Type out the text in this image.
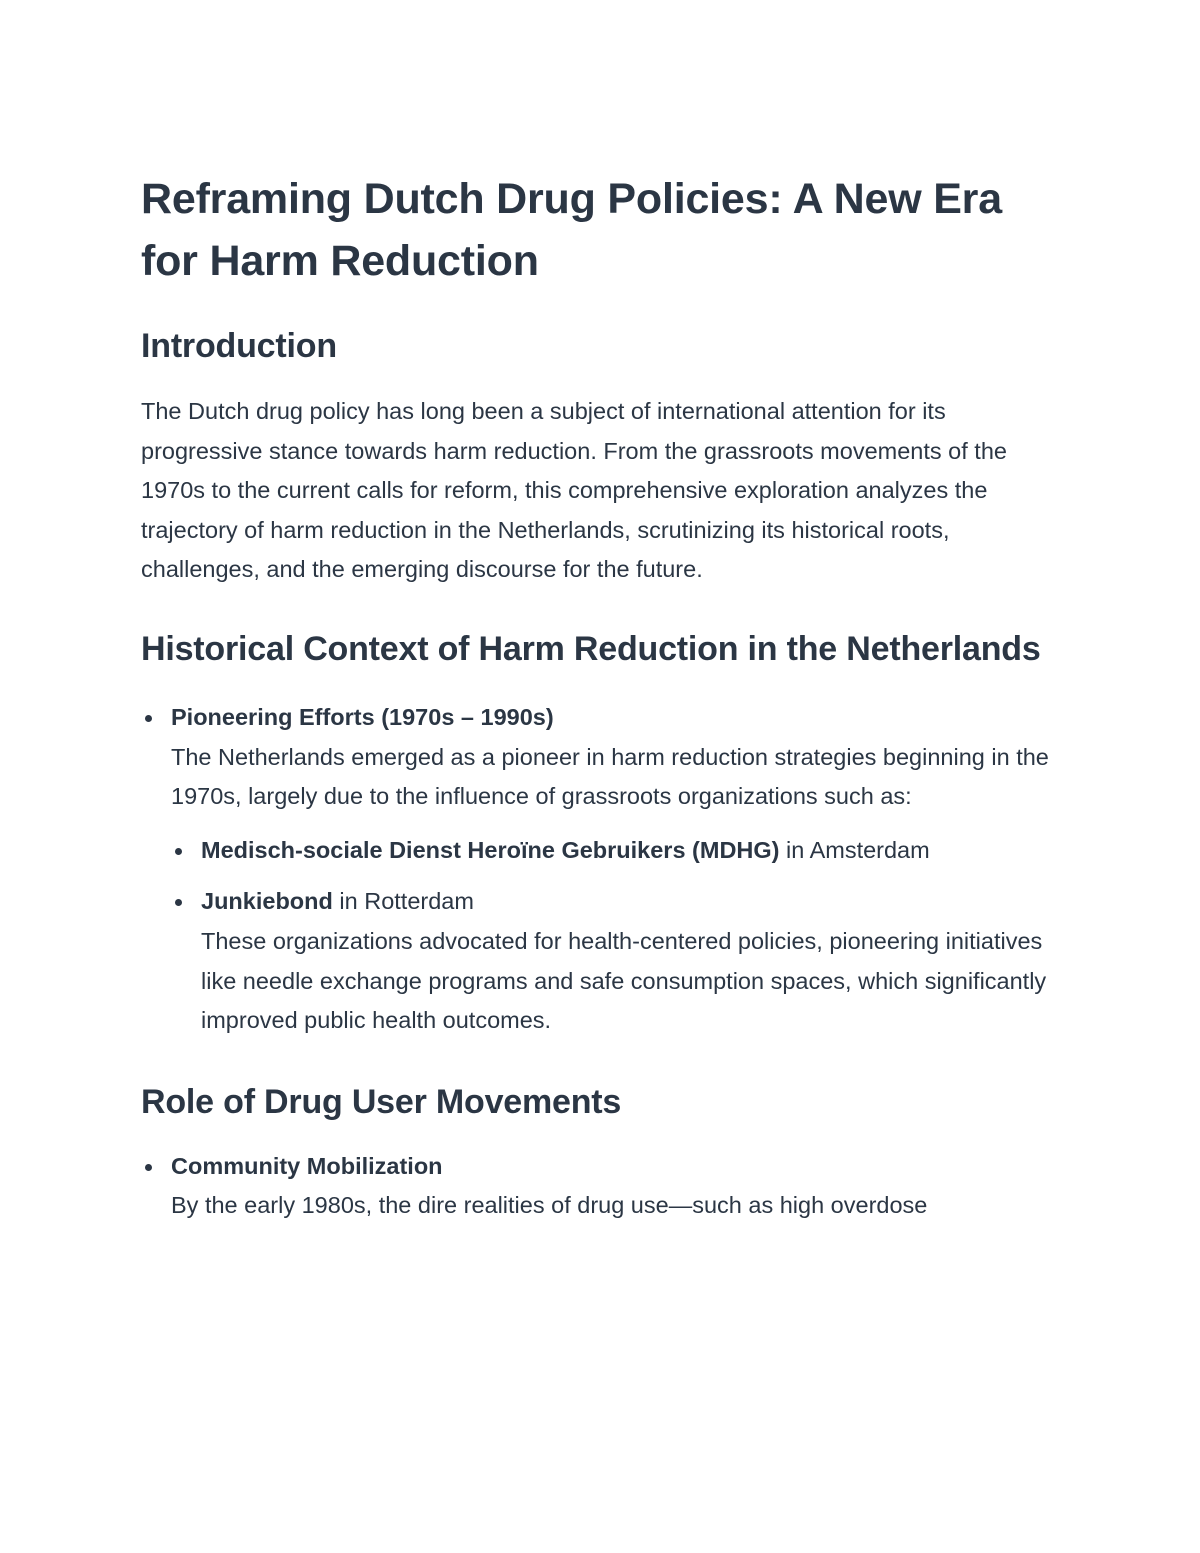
Reframing Dutch Drug Policies: A New Era for Harm Reduction
Introduction

The Dutch drug policy has long been a subject of international attention for its progressive stance towards harm reduction. From the grassroots movements of the 1970s to the current calls for reform, this comprehensive exploration analyzes the trajectory of harm reduction in the Netherlands, scrutinizing its historical roots, challenges, and the emerging discourse for the future.

Historical Context of Harm Reduction in the Netherlands
Pioneering Efforts (1970s – 1990s)
The Netherlands emerged as a pioneer in harm reduction strategies beginning in the 1970s, largely due to the influence of grassroots organizations such as:
Medisch-sociale Dienst Heroïne Gebruikers (MDHG) in Amsterdam
Junkiebond in Rotterdam
These organizations advocated for health-centered policies, pioneering initiatives like needle exchange programs and safe consumption spaces, which significantly improved public health outcomes.
Role of Drug User Movements
Community Mobilization
By the early 1980s, the dire realities of drug use—such as high overdose
